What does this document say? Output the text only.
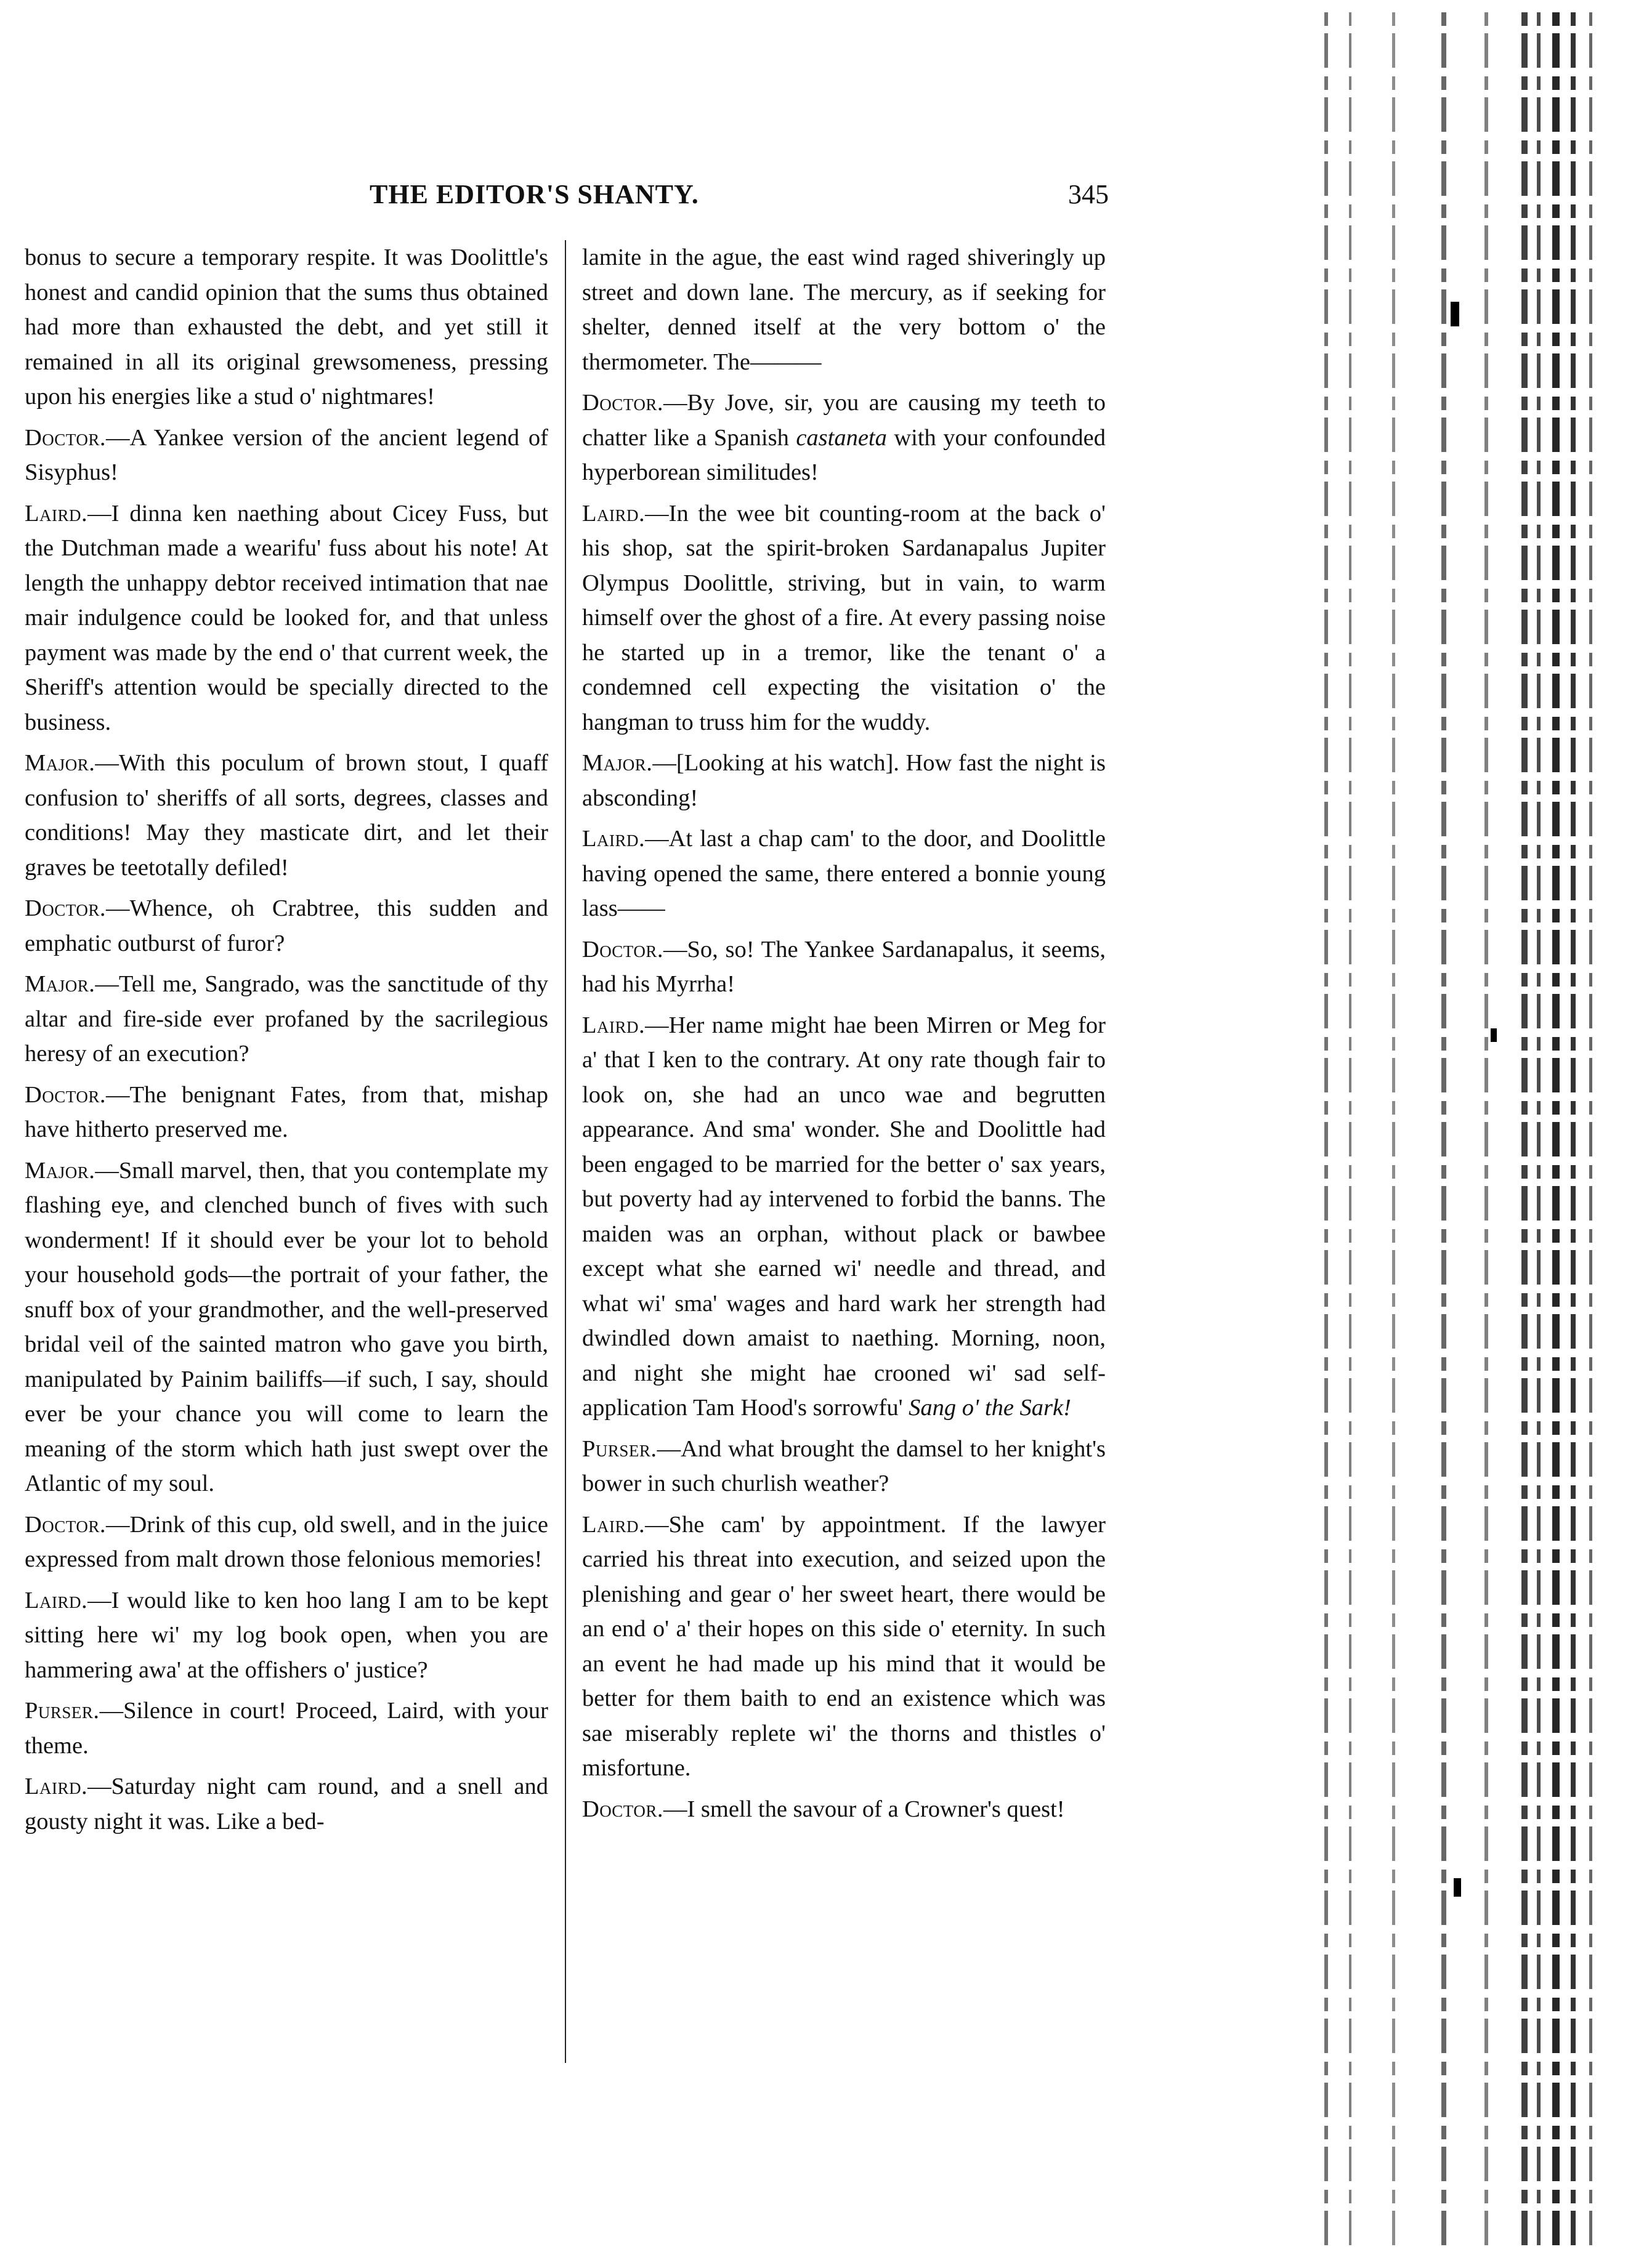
THE EDITOR'S SHANTY.	345

bonus to secure a temporary respite. It was Doolittle's honest and candid opinion that the sums thus obtained had more than exhausted the debt, and yet still it remained in all its original grewsomeness, pressing upon his energies like a stud o' nightmares!

Doctor.—A Yankee version of the ancient legend of Sisyphus!

Laird.—I dinna ken naething about Cicey Fuss, but the Dutchman made a wearifu' fuss about his note! At length the unhappy debtor received intimation that nae mair indulgence could be looked for, and that unless payment was made by the end o' that current week, the Sheriff's attention would be specially directed to the business.

Major.—With this poculum of brown stout, I quaff confusion to' sheriffs of all sorts, degrees, classes and conditions! May they masticate dirt, and let their graves be teetotally defiled!

Doctor.—Whence, oh Crabtree, this sudden and emphatic outburst of furor?

Major.—Tell me, Sangrado, was the sanctitude of thy altar and fire-side ever profaned by the sacrilegious heresy of an execution?

Doctor.—The benignant Fates, from that, mishap have hitherto preserved me.

Major.—Small marvel, then, that you contemplate my flashing eye, and clenched bunch of fives with such wonderment! If it should ever be your lot to behold your household gods—the portrait of your father, the snuff box of your grandmother, and the well-preserved bridal veil of the sainted matron who gave you birth, manipulated by Painim bailiffs—if such, I say, should ever be your chance you will come to learn the meaning of the storm which hath just swept over the Atlantic of my soul.

Doctor.—Drink of this cup, old swell, and in the juice expressed from malt drown those felonious memories!

Laird.—I would like to ken hoo lang I am to be kept sitting here wi' my log book open, when you are hammering awa' at the offishers o' justice?

Purser.—Silence in court! Proceed, Laird, with your theme.

Laird.—Saturday night cam round, and a snell and gousty night it was. Like a bed-

lamite in the ague, the east wind raged shiveringly up street and down lane. The mercury, as if seeking for shelter, denned itself at the very bottom o' the thermometer. The———

Doctor.—By Jove, sir, you are causing my teeth to chatter like a Spanish castaneta with your confounded hyperborean similitudes!

Laird.—In the wee bit counting-room at the back o' his shop, sat the spirit-broken Sardanapalus Jupiter Olympus Doolittle, striving, but in vain, to warm himself over the ghost of a fire. At every passing noise he started up in a tremor, like the tenant o' a condemned cell expecting the visitation o' the hangman to truss him for the wuddy.

Major.—[Looking at his watch]. How fast the night is absconding!

Laird.—At last a chap cam' to the door, and Doolittle having opened the same, there entered a bonnie young lass——

Doctor.—So, so! The Yankee Sardanapalus, it seems, had his Myrrha!

Laird.—Her name might hae been Mirren or Meg for a' that I ken to the contrary. At ony rate though fair to look on, she had an unco wae and begrutten appearance. And sma' wonder. She and Doolittle had been engaged to be married for the better o' sax years, but poverty had ay intervened to forbid the banns. The maiden was an orphan, without plack or bawbee except what she earned wi' needle and thread, and what wi' sma' wages and hard wark her strength had dwindled down amaist to naething. Morning, noon, and night she might hae crooned wi' sad self-application Tam Hood's sorrowfu' Sang o' the Sark!

Purser.—And what brought the damsel to her knight's bower in such churlish weather?

Laird.—She cam' by appointment. If the lawyer carried his threat into execution, and seized upon the plenishing and gear o' her sweet heart, there would be an end o' a' their hopes on this side o' eternity. In such an event he had made up his mind that it would be better for them baith to end an existence which was sae miserably replete wi' the thorns and thistles o' misfortune.

Doctor.—I smell the savour of a Crowner's quest!
